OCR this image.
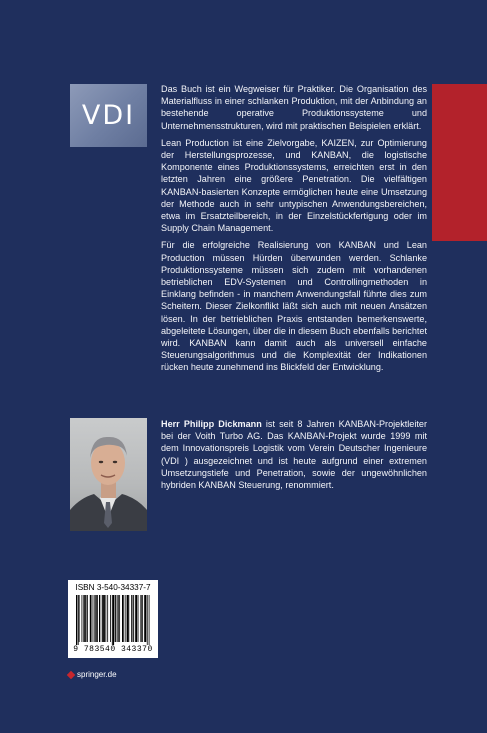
VDI

Das Buch ist ein Wegweiser für Praktiker. Die Organisation des Materialfluss in einer schlanken Produktion, mit der Anbindung an bestehende operative Produktionssysteme und Unternehmensstrukturen, wird mit praktischen Beispielen erklärt.

Lean Production ist eine Zielvorgabe, KAIZEN, zur Optimierung der Herstellungsprozesse, und KANBAN, die logistische Komponente eines Produktionssystems, erreichten erst in den letzten Jahren eine größere Penetration. Die vielfältigen KANBAN-basierten Konzepte ermöglichen heute eine Umsetzung der Methode auch in sehr untypischen Anwendungsbereichen, etwa im Ersatzteilbereich, in der Einzelstückfertigung oder im Supply Chain Management.

Für die erfolgreiche Realisierung von KANBAN und Lean Production müssen Hürden überwunden werden. Schlanke Produktionssysteme müssen sich zudem mit vorhandenen betrieblichen EDV-Systemen und Controllingmethoden in Einklang befinden - in manchem Anwendungsfall führte dies zum Scheitern. Dieser Zielkonflikt läßt sich auch mit neuen Ansätzen lösen. In der betrieblichen Praxis entstanden bemerkenswerte, abgeleitete Lösungen, über die in diesem Buch ebenfalls berichtet wird. KANBAN kann damit auch als universell einfache Steuerungsalgorithmus und die Komplexität der Indikationen rücken heute zunehmend ins Blickfeld der Entwicklung.

Herr Philipp Dickmann ist seit 8 Jahren KANBAN-Projektleiter bei der Voith Turbo AG. Das KANBAN-Projekt wurde 1999 mit dem Innovationspreis Logistik vom Verein Deutscher Ingenieure (VDI ) ausgezeichnet und ist heute aufgrund einer extremen Umsetzungstiefe und Penetration, sowie der ungewöhnlichen hybriden KANBAN Steuerung, renommiert.
ISBN 3-540-34337-7
9 783540 343370
springer.de
